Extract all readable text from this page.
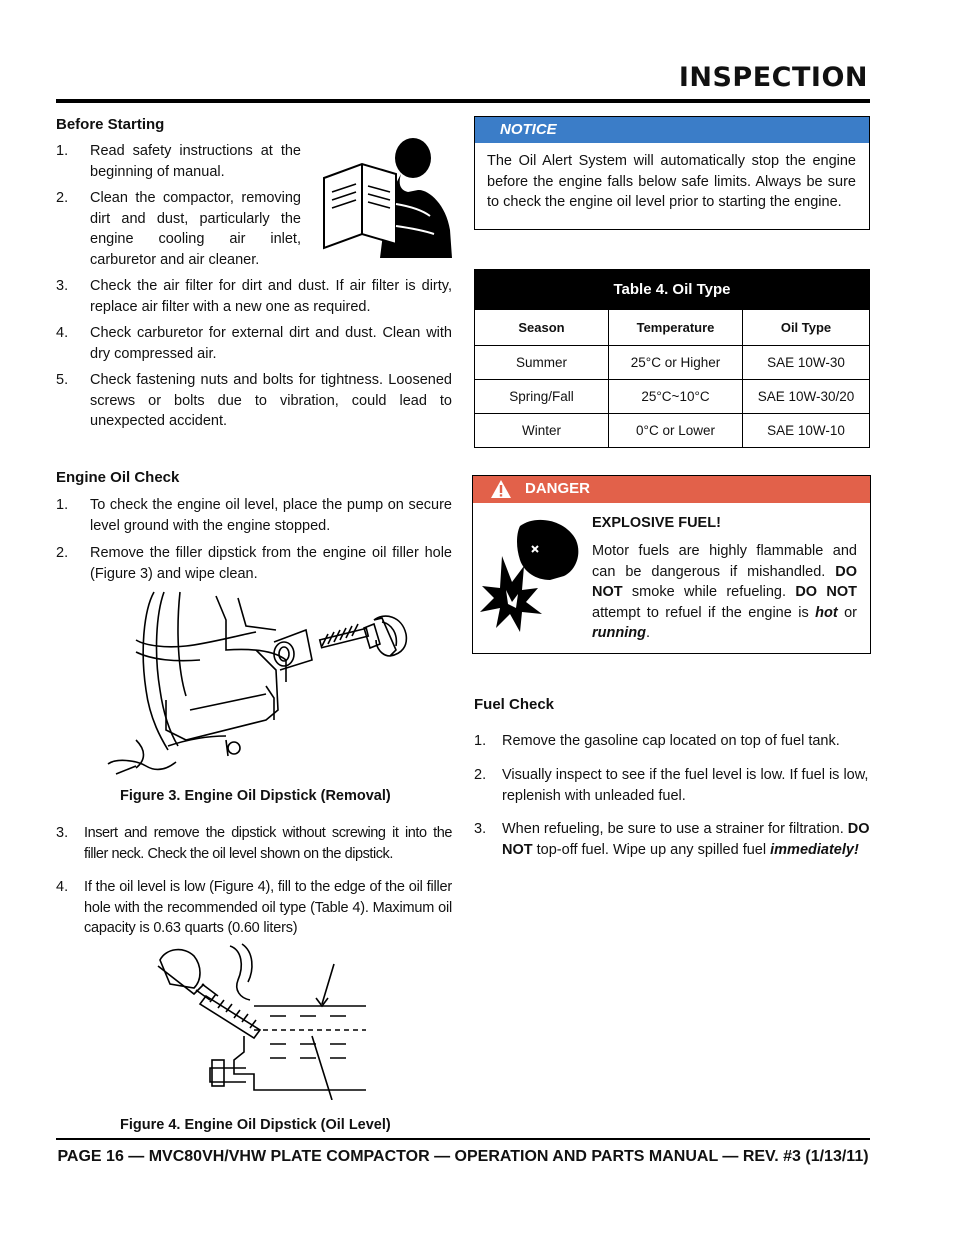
INSPECTION
Before Starting
1. Read safety instructions at the beginning of manual.
2. Clean the compactor, removing dirt and dust, particularly the engine cooling air inlet, carburetor and air cleaner.
3. Check the air filter for dirt and dust. If air filter is dirty, replace air filter with a new one as required.
4. Check carburetor for external dirt and dust. Clean with dry compressed air.
5. Check fastening nuts and bolts for tightness. Loosened screws or bolts due to vibration, could lead to unexpected accident.
Engine Oil Check
1. To check the engine oil level, place the pump on secure level ground with the engine stopped.
2. Remove the filler dipstick from the engine oil filler hole (Figure 3) and wipe clean.
Figure 3. Engine Oil Dipstick (Removal)
3. Insert and remove the dipstick without screwing it into the filler neck. Check the oil level shown on the dipstick.
4. If the oil level is low (Figure 4), fill to the edge of the oil filler hole with the recommended oil type (Table 4). Maximum oil capacity is 0.63 quarts (0.60 liters)
Figure 4. Engine Oil Dipstick (Oil Level)
NOTICE
The Oil Alert System will automatically stop the engine before the engine falls below safe limits. Always be sure to check the engine oil level prior to starting the engine.
Table 4. Oil Type		
Season	Temperature	Oil Type
Summer	25°C or Higher	SAE 10W-30
Spring/Fall	25°C~10°C	SAE 10W-30/20
Winter	0°C or Lower	SAE 10W-10
DANGER
EXPLOSIVE FUEL!
Motor fuels are highly flammable and can be dangerous if mishandled. DO NOT smoke while refueling. DO NOT attempt to refuel if the engine is hot or running.
Fuel Check
1. Remove the gasoline cap located on top of fuel tank.
2. Visually inspect to see if the fuel level is low. If fuel is low, replenish with unleaded fuel.
3. When refueling, be sure to use a strainer for filtration. DO NOT top-off fuel. Wipe up any spilled fuel immediately!
PAGE 16 — MVC80VH/VHW PLATE COMPACTOR — OPERATION AND PARTS MANUAL — REV. #3 (1/13/11)
